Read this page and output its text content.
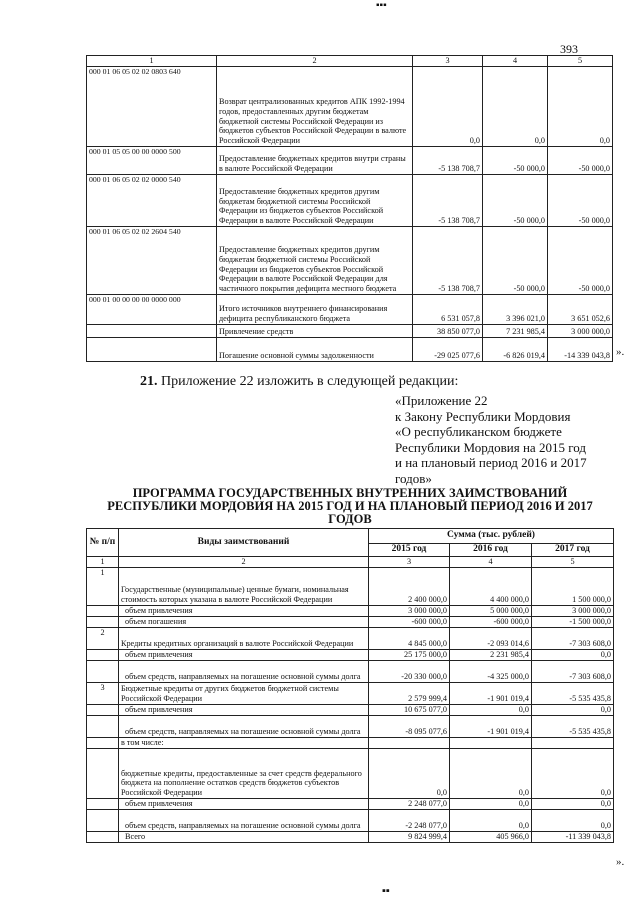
▪▪▪
393
1	2	3	4	5
000 01 06 05 02 02 0803 640	Возврат централизованных кредитов АПК 1992-1994 годов, предоставленных другим бюджетам бюджетной системы Российской Федерации из бюджетов субъектов Российской Федерации в валюте Российской Федерации	0,0	0,0	0,0
000 01 05 05 00 00 0000 500	Предоставление бюджетных кредитов внутри страны в валюте Российской Федерации	-5 138 708,7	-50 000,0	-50 000,0
000 01 06 05 02 02 0000 540	Предоставление бюджетных кредитов другим бюджетам бюджетной системы Российской Федерации из бюджетов субъектов Российской Федерации в валюте Российской Федерации	-5 138 708,7	-50 000,0	-50 000,0
000 01 06 05 02 02 2604 540	Предоставление бюджетных кредитов другим бюджетам бюджетной системы Российской Федерации из бюджетов субъектов Российской Федерации в валюте Российской Федерации для частичного покрытия дефицита местного бюджета	-5 138 708,7	-50 000,0	-50 000,0
000 01 00 00 00 00 0000 000	Итого источников внутреннего финансирования дефицита республиканского бюджета	6 531 057,8	3 396 021,0	3 651 052,6
	Привлечение средств	38 850 077,0	7 231 985,4	3 000 000,0
	Погашение основной суммы задолженности	-29 025 077,6	-6 826 019,4	-14 339 043,8 ».
21. Приложение 22 изложить в следующей редакции:
«Приложение 22
к Закону Республики Мордовия
«О республиканском бюджете
Республики Мордовия на 2015 год
и на плановый период 2016 и 2017
годов»
ПРОГРАММА ГОСУДАРСТВЕННЫХ ВНУТРЕННИХ ЗАИМСТВОВАНИЙ РЕСПУБЛИКИ МОРДОВИЯ НА 2015 ГОД И НА ПЛАНОВЫЙ ПЕРИОД 2016 И 2017 ГОДОВ
№ п/п	Виды заимствований	Сумма (тыс. рублей)		
		2015 год	2016 год	2017 год
1	2	3	4	5
1	Государственные (муниципальные) ценные бумаги, номинальная стоимость которых указана в валюте Российской Федерации	2 400 000,0	4 400 000,0	1 500 000,0
	объем привлечения	3 000 000,0	5 000 000,0	3 000 000,0
	объем погашения	-600 000,0	-600 000,0	-1 500 000,0
2	Кредиты кредитных организаций в валюте Российской Федерации	4 845 000,0	-2 093 014,6	-7 303 608,0
	объем привлечения	25 175 000,0	2 231 985,4	0,0
	объем средств, направляемых на погашение основной суммы долга	-20 330 000,0	-4 325 000,0	-7 303 608,0
3	Бюджетные кредиты от других бюджетов бюджетной системы Российской Федерации	2 579 999,4	-1 901 019,4	-5 535 435,8
	объем привлечения	10 675 077,0	0,0	0,0
	объем средств, направляемых на погашение основной суммы долга	-8 095 077,6	-1 901 019,4	-5 535 435,8
	в том числе:			
	бюджетные кредиты, предоставленные за счет средств федерального бюджета на пополнение остатков средств бюджетов субъектов Российской Федерации	0,0	0,0	0,0
	объем привлечения	2 248 077,0	0,0	0,0
	объем средств, направляемых на погашение основной суммы долга	-2 248 077,0	0,0	0,0
	Всего	9 824 999,4	405 966,0	-11 339 043,8
».
▪▪
